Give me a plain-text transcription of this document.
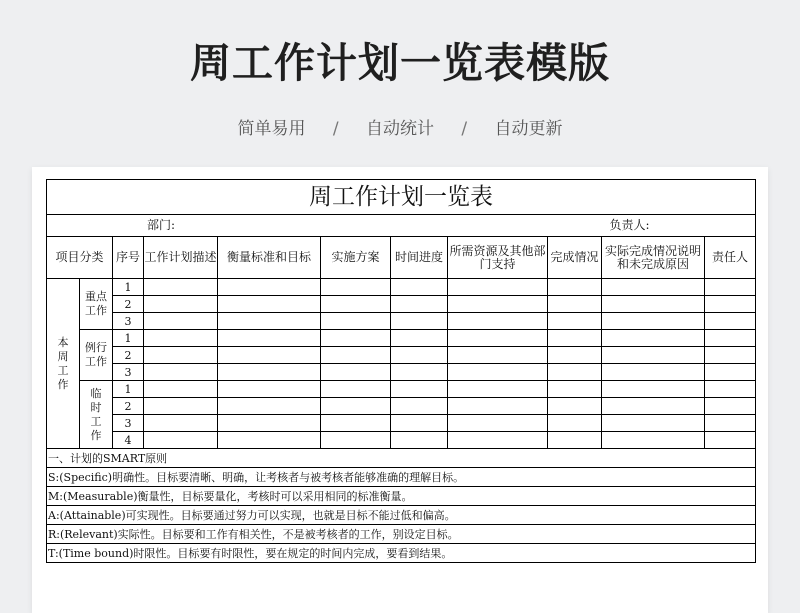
周工作计划一览表模版
简单易用 / 自动统计 / 自动更新
周工作计划一览表										
部门:							负责人:			
项目分类		序号	工作计划描述	衡量标准和目标	实施方案	时间进度	所需资源及其他部门支持	完成情况	实际完成情况说明和未完成原因	责任人

本周工作	重点工作	1								
		2								
		3								

	例行工作	1								
		2								
		3								

	临时工作	1								
		2								
		3								
		4								
一、计划的SMART原则										
S:(Specific)明确性。目标要清晰、明确，让考核者与被考核者能够准确的理解目标。										
M:(Measurable)衡量性，目标要量化，考核时可以采用相同的标准衡量。										
A:(Attainable)可实现性。目标要通过努力可以实现，也就是目标不能过低和偏高。										
R:(Relevant)实际性。目标要和工作有相关性，不是被考核者的工作，别设定目标。										
T:(Time bound)时限性。目标要有时限性，要在规定的时间内完成，要看到结果。										
